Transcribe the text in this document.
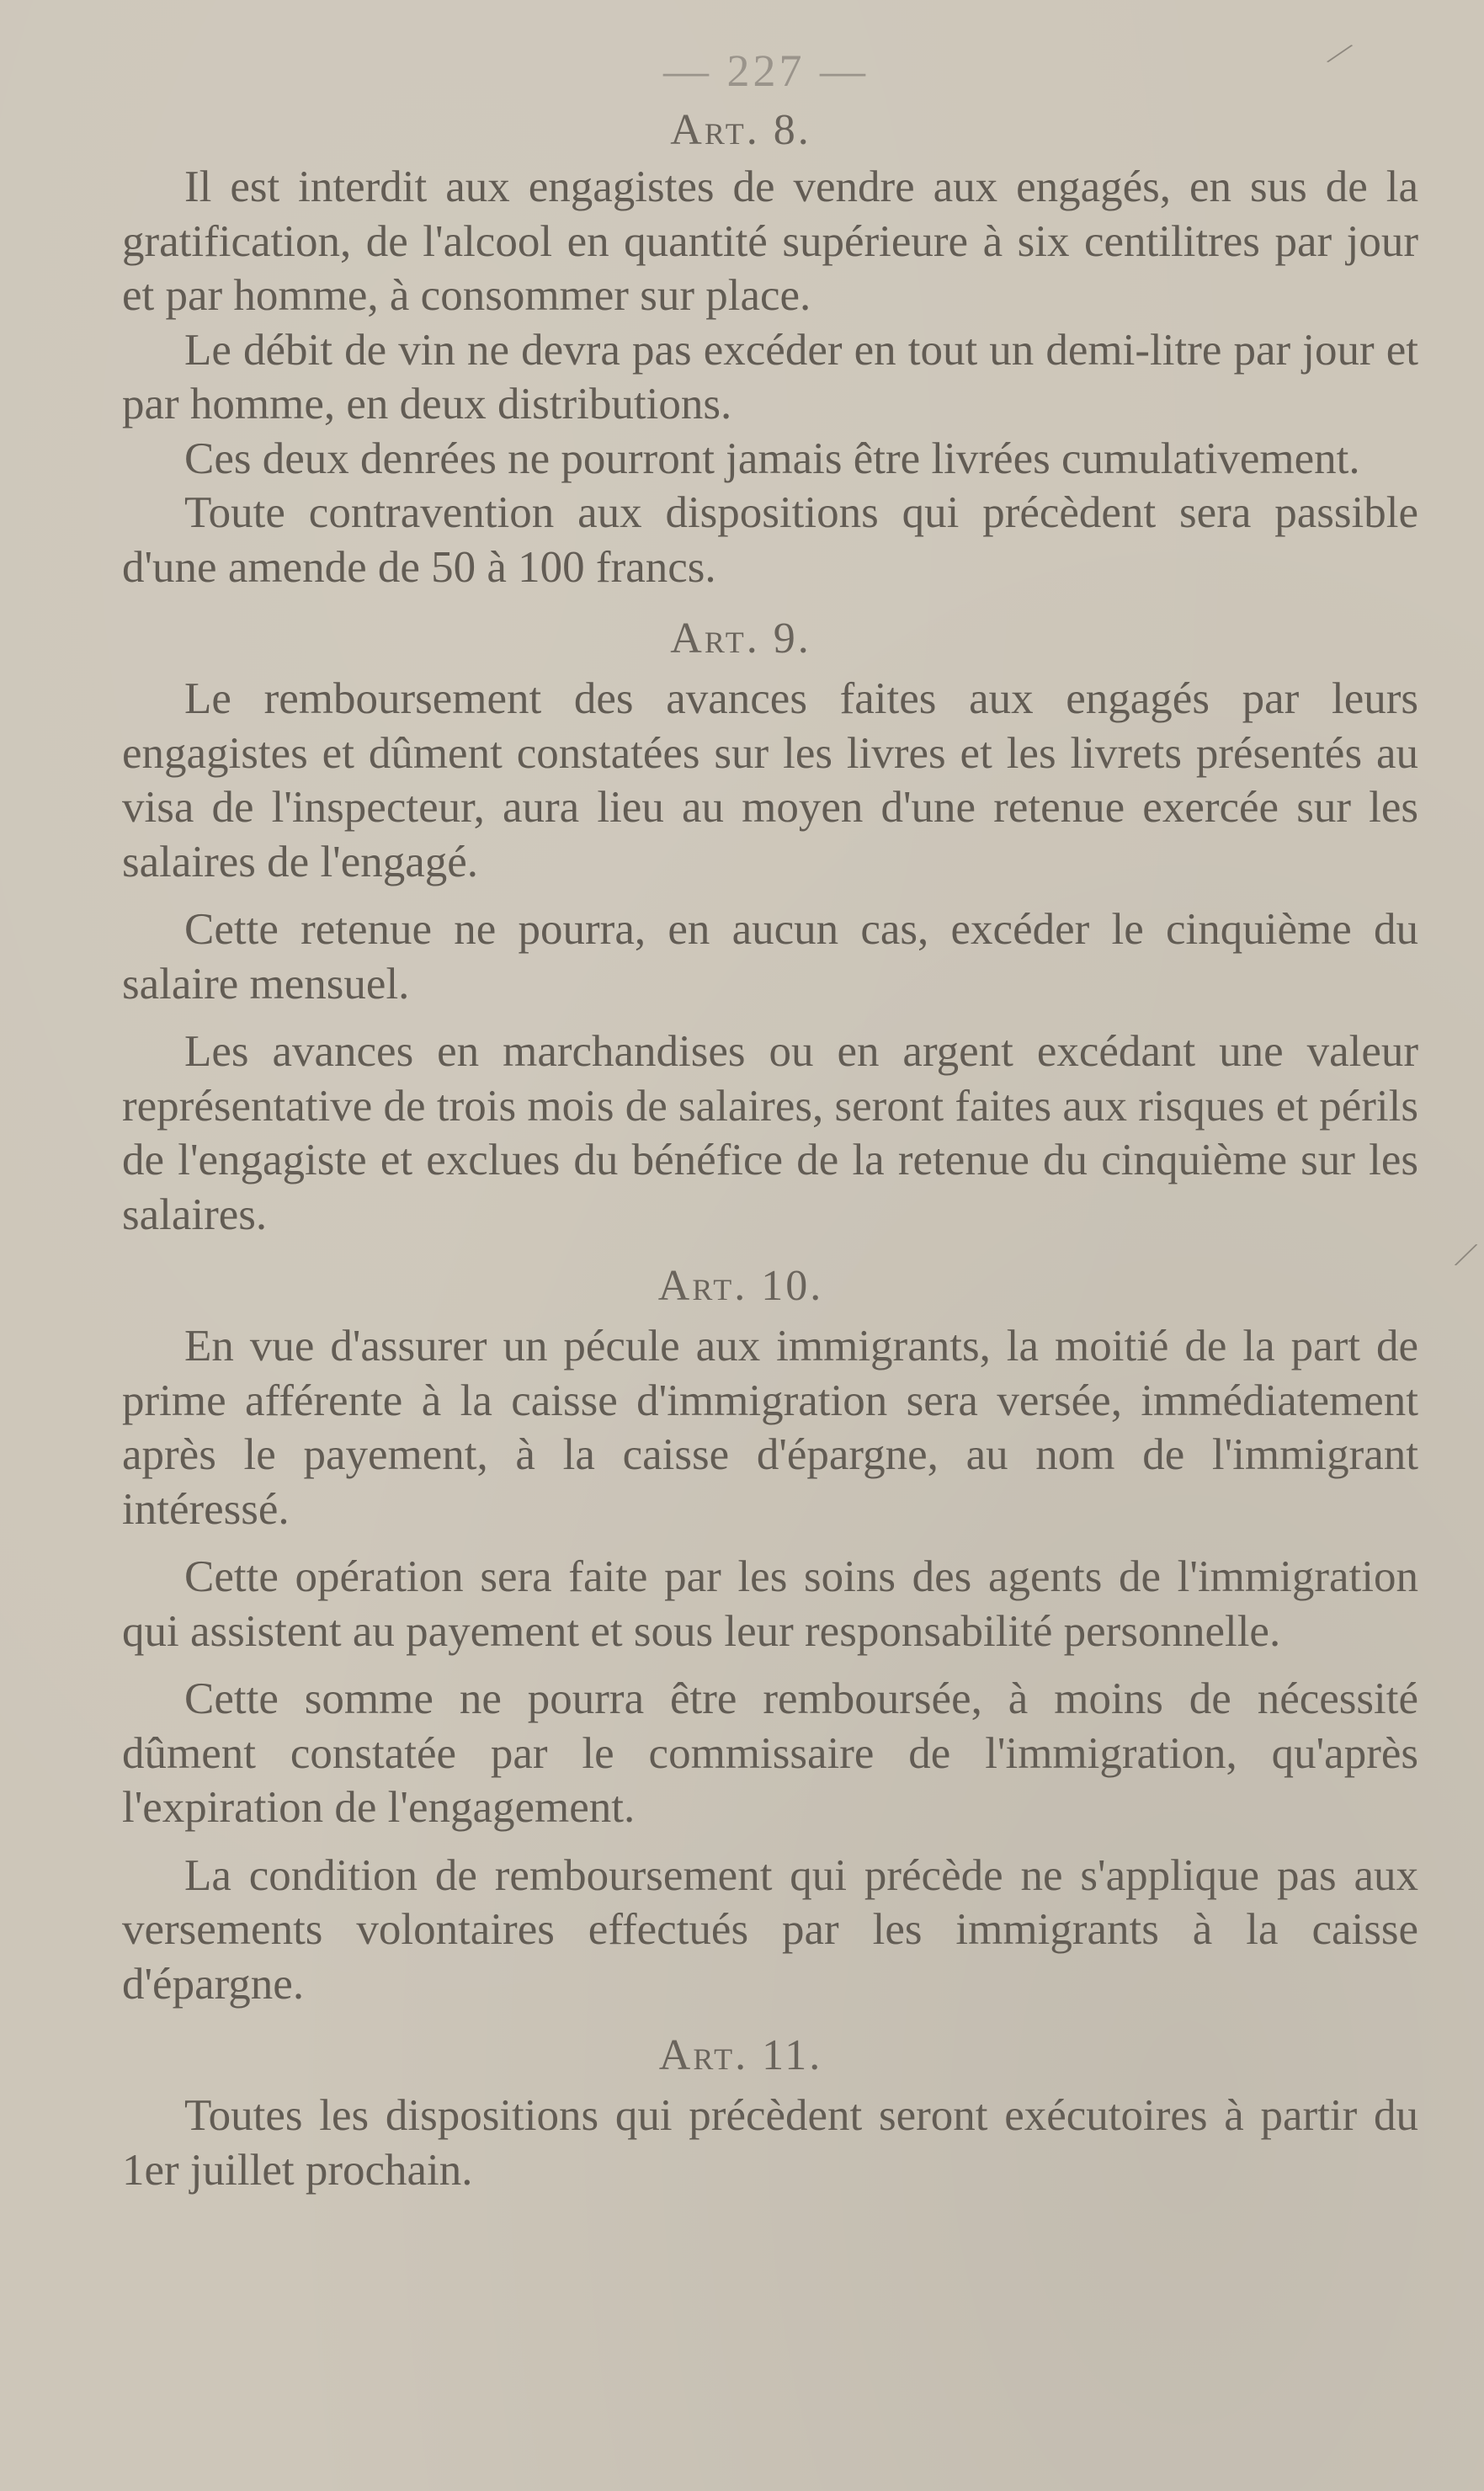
— 227 —
Art. 8.

Il est interdit aux engagistes de vendre aux engagés, en sus de la gratification, de l'alcool en quantité supérieure à six centilitres par jour et par homme, à consommer sur place.

Le débit de vin ne devra pas excéder en tout un demi-litre par jour et par homme, en deux distributions.

Ces deux denrées ne pourront jamais être livrées cumulativement.

Toute contravention aux dispositions qui précèdent sera passible d'une amende de 50 à 100 francs.

Art. 9.

Le remboursement des avances faites aux engagés par leurs engagistes et dûment constatées sur les livres et les livrets présentés au visa de l'inspecteur, aura lieu au moyen d'une retenue exercée sur les salaires de l'engagé.

Cette retenue ne pourra, en aucun cas, excéder le cinquième du salaire mensuel.

Les avances en marchandises ou en argent excédant une valeur représentative de trois mois de salaires, seront faites aux risques et périls de l'engagiste et exclues du bénéfice de la retenue du cinquième sur les salaires.

Art. 10.

En vue d'assurer un pécule aux immigrants, la moitié de la part de prime afférente à la caisse d'immigration sera versée, immédiatement après le payement, à la caisse d'épargne, au nom de l'immigrant intéressé.

Cette opération sera faite par les soins des agents de l'immigration qui assistent au payement et sous leur responsabilité personnelle.

Cette somme ne pourra être remboursée, à moins de nécessité dûment constatée par le commissaire de l'immigration, qu'après l'expiration de l'engagement.

La condition de remboursement qui précède ne s'applique pas aux versements volontaires effectués par les immigrants à la caisse d'épargne.

Art. 11.

Toutes les dispositions qui précèdent seront exécutoires à partir du 1er juillet prochain.

⁄
⁄
